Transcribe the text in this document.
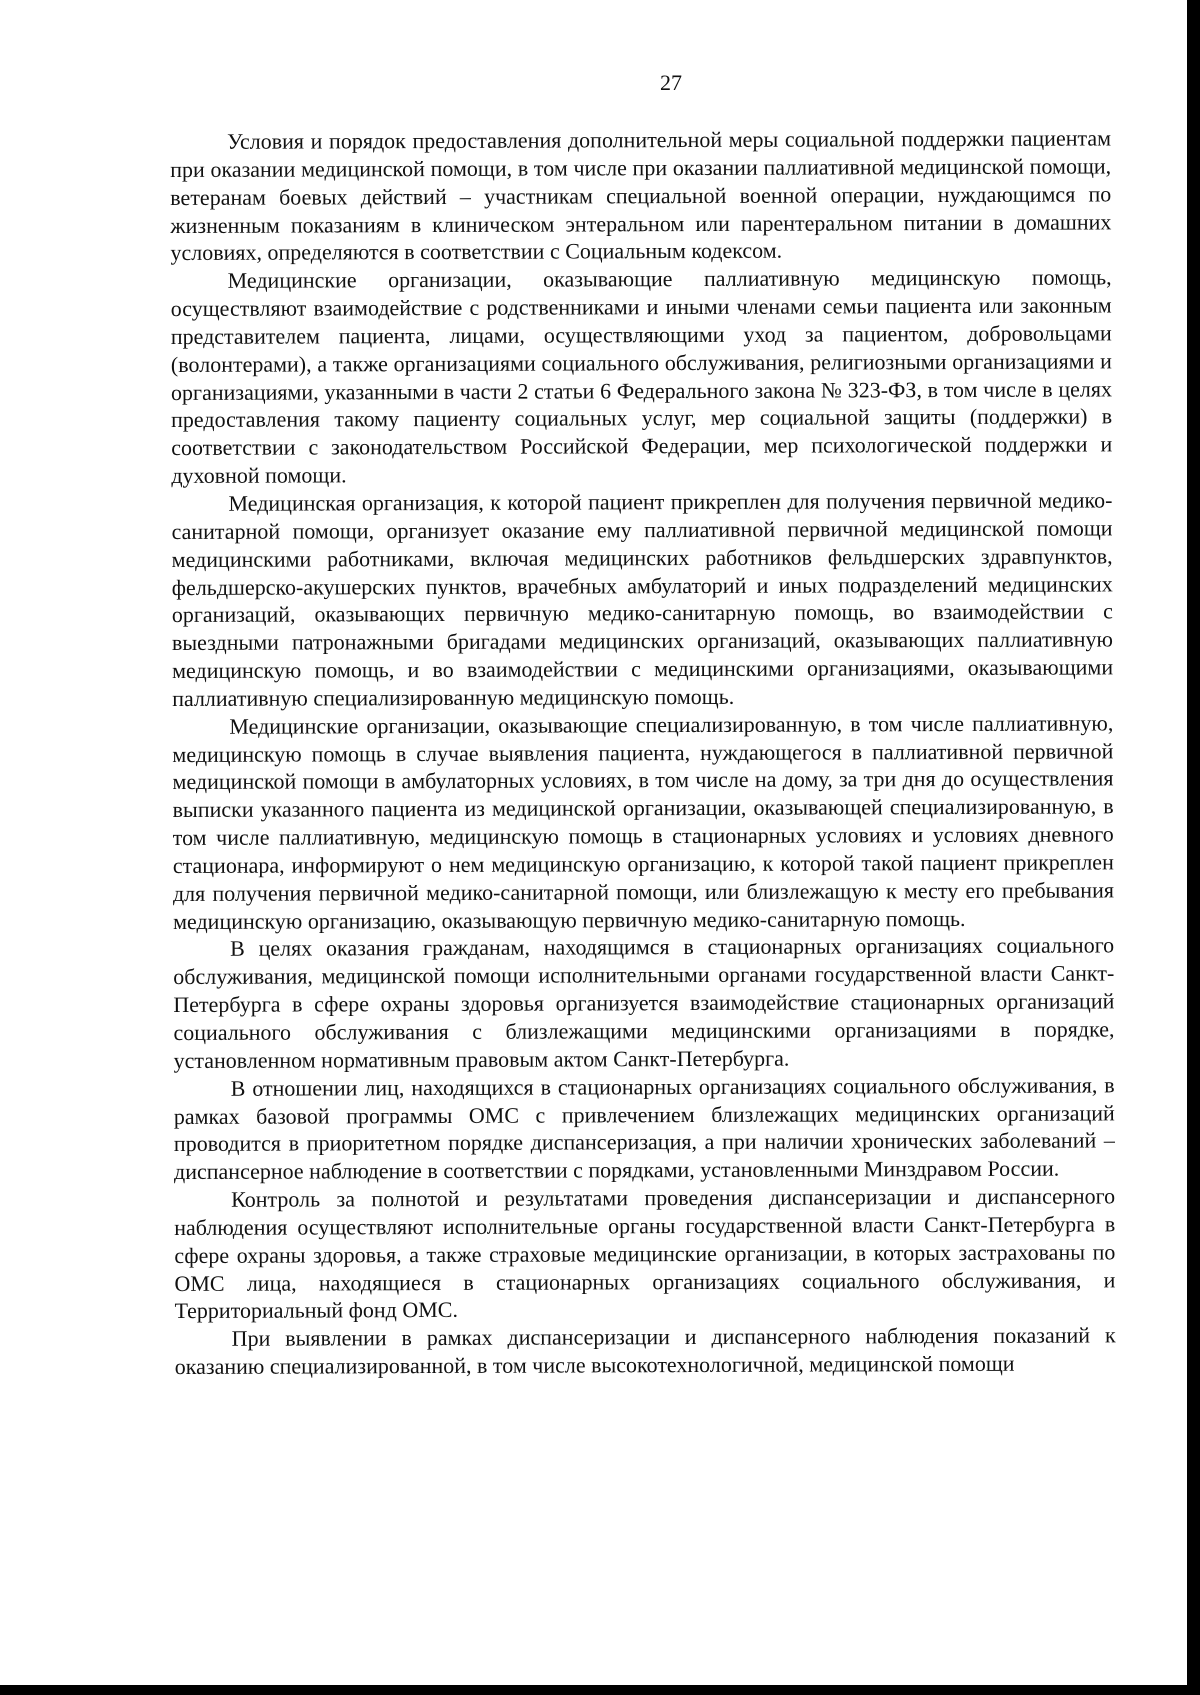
27

Условия и порядок предоставления дополнительной меры социальной поддержки пациентам при оказании медицинской помощи, в том числе при оказании паллиативной медицинской помощи, ветеранам боевых действий – участникам специальной военной операции, нуждающимся по жизненным показаниям в клиническом энтеральном или парентеральном питании в домашних условиях, определяются в соответствии с Социальным кодексом.

Медицинские организации, оказывающие паллиативную медицинскую помощь, осуществляют взаимодействие с родственниками и иными членами семьи пациента или законным представителем пациента, лицами, осуществляющими уход за пациентом, добровольцами (волонтерами), а также организациями социального обслуживания, религиозными организациями и организациями, указанными в части 2 статьи 6 Федерального закона № 323-ФЗ, в том числе в целях предоставления такому пациенту социальных услуг, мер социальной защиты (поддержки) в соответствии с законодательством Российской Федерации, мер психологической поддержки и духовной помощи.

Медицинская организация, к которой пациент прикреплен для получения первичной медико-санитарной помощи, организует оказание ему паллиативной первичной медицинской помощи медицинскими работниками, включая медицинских работников фельдшерских здравпунктов, фельдшерско-акушерских пунктов, врачебных амбулаторий и иных подразделений медицинских организаций, оказывающих первичную медико-санитарную помощь, во взаимодействии с выездными патронажными бригадами медицинских организаций, оказывающих паллиативную медицинскую помощь, и во взаимодействии с медицинскими организациями, оказывающими паллиативную специализированную медицинскую помощь.

Медицинские организации, оказывающие специализированную, в том числе паллиативную, медицинскую помощь в случае выявления пациента, нуждающегося в паллиативной первичной медицинской помощи в амбулаторных условиях, в том числе на дому, за три дня до осуществления выписки указанного пациента из медицинской организации, оказывающей специализированную, в том числе паллиативную, медицинскую помощь в стационарных условиях и условиях дневного стационара, информируют о нем медицинскую организацию, к которой такой пациент прикреплен для получения первичной медико-санитарной помощи, или близлежащую к месту его пребывания медицинскую организацию, оказывающую первичную медико-санитарную помощь.

В целях оказания гражданам, находящимся в стационарных организациях социального обслуживания, медицинской помощи исполнительными органами государственной власти Санкт-Петербурга в сфере охраны здоровья организуется взаимодействие стационарных организаций социального обслуживания с близлежащими медицинскими организациями в порядке, установленном нормативным правовым актом Санкт-Петербурга.

В отношении лиц, находящихся в стационарных организациях социального обслуживания, в рамках базовой программы ОМС с привлечением близлежащих медицинских организаций проводится в приоритетном порядке диспансеризация, а при наличии хронических заболеваний – диспансерное наблюдение в соответствии с порядками, установленными Минздравом России.

Контроль за полнотой и результатами проведения диспансеризации и диспансерного наблюдения осуществляют исполнительные органы государственной власти Санкт-Петербурга в сфере охраны здоровья, а также страховые медицинские организации, в которых застрахованы по ОМС лица, находящиеся в стационарных организациях социального обслуживания, и Территориальный фонд ОМС.

При выявлении в рамках диспансеризации и диспансерного наблюдения показаний к оказанию специализированной, в том числе высокотехнологичной, медицинской помощи
